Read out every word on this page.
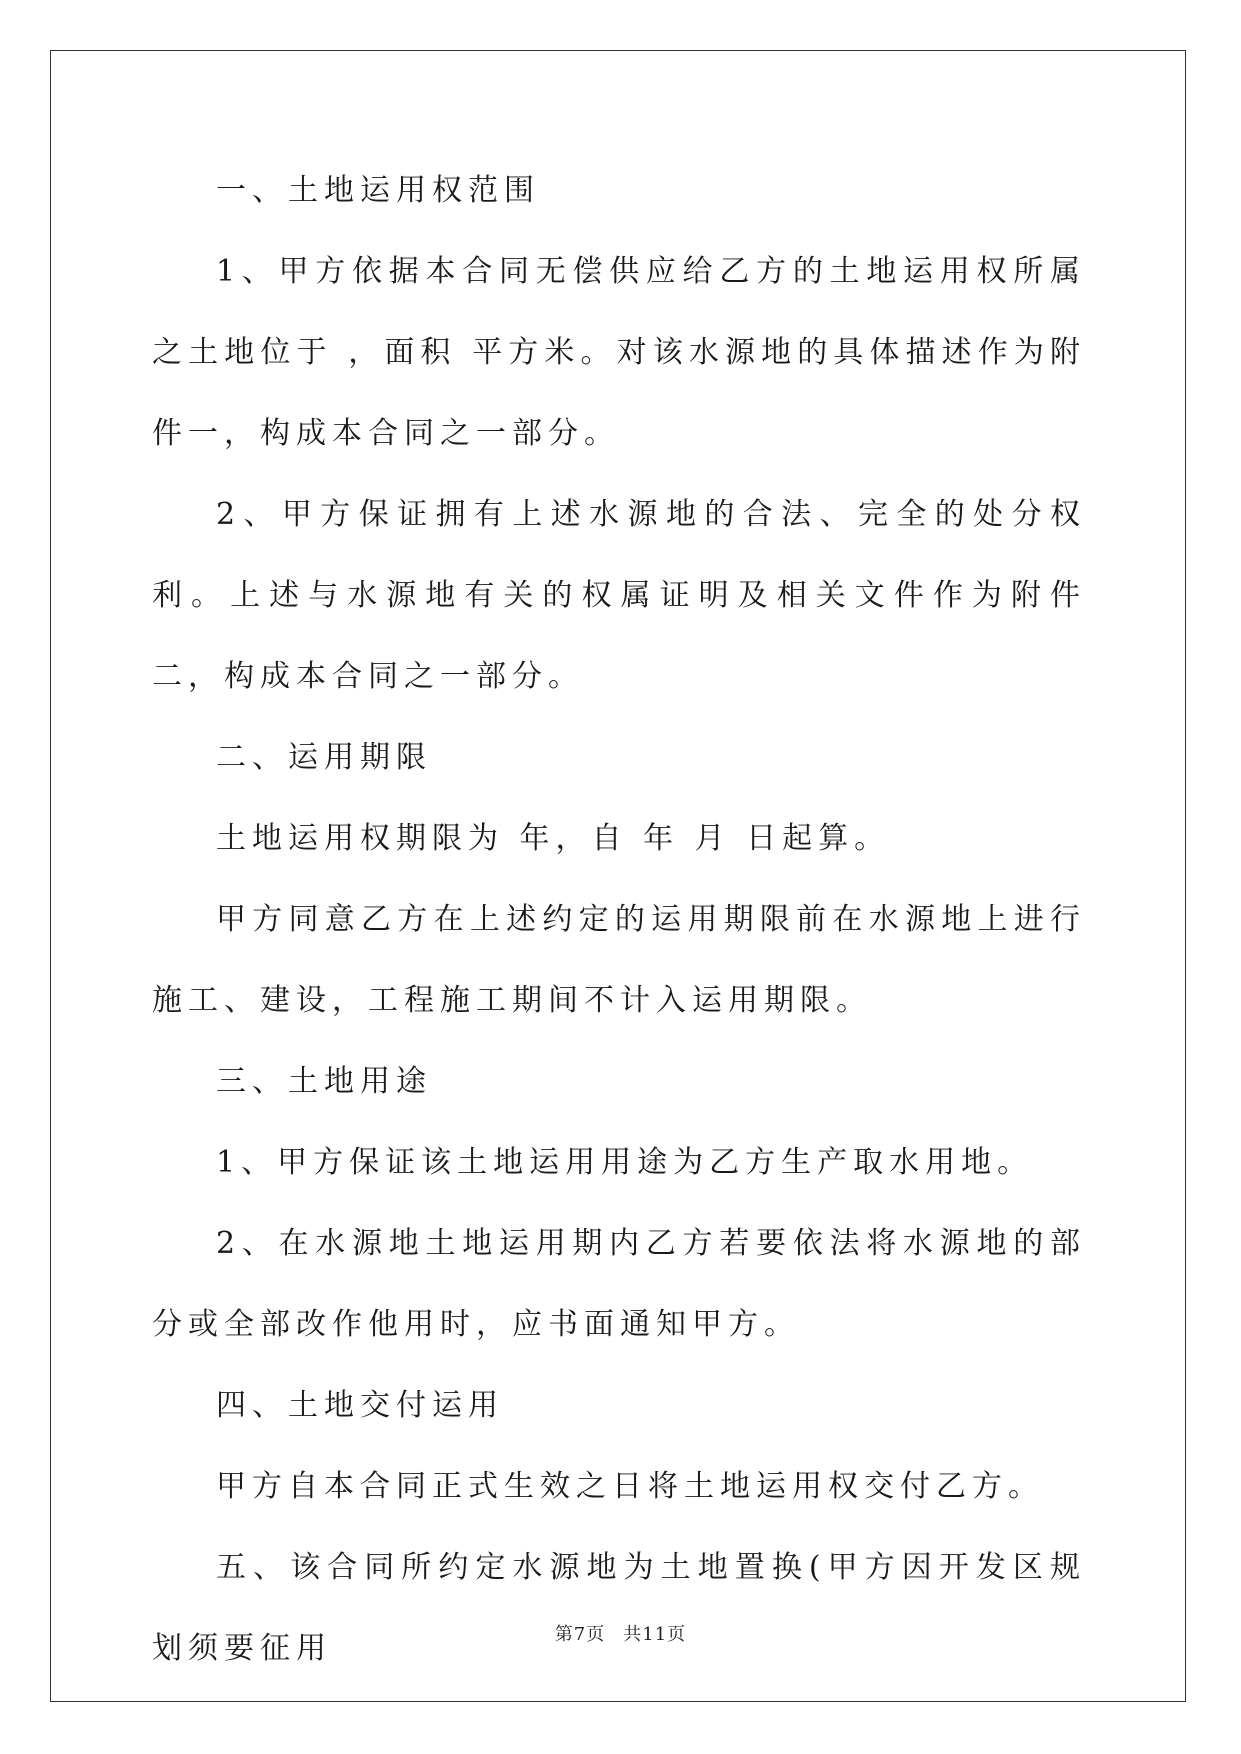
一、土地运用权范围

1、甲方依据本合同无偿供应给乙方的土地运用权所属之土地位于 ，面积 平方米。对该水源地的具体描述作为附件一，构成本合同之一部分。

2、甲方保证拥有上述水源地的合法、完全的处分权利。上述与水源地有关的权属证明及相关文件作为附件二，构成本合同之一部分。

二、运用期限

土地运用权期限为 年，自 年 月 日起算。

甲方同意乙方在上述约定的运用期限前在水源地上进行施工、建设，工程施工期间不计入运用期限。

三、土地用途

1、甲方保证该土地运用用途为乙方生产取水用地。

2、在水源地土地运用期内乙方若要依法将水源地的部分或全部改作他用时，应书面通知甲方。

四、土地交付运用

甲方自本合同正式生效之日将土地运用权交付乙方。

五、该合同所约定水源地为土地置换(甲方因开发区规划须要征用	第7页 共11页
